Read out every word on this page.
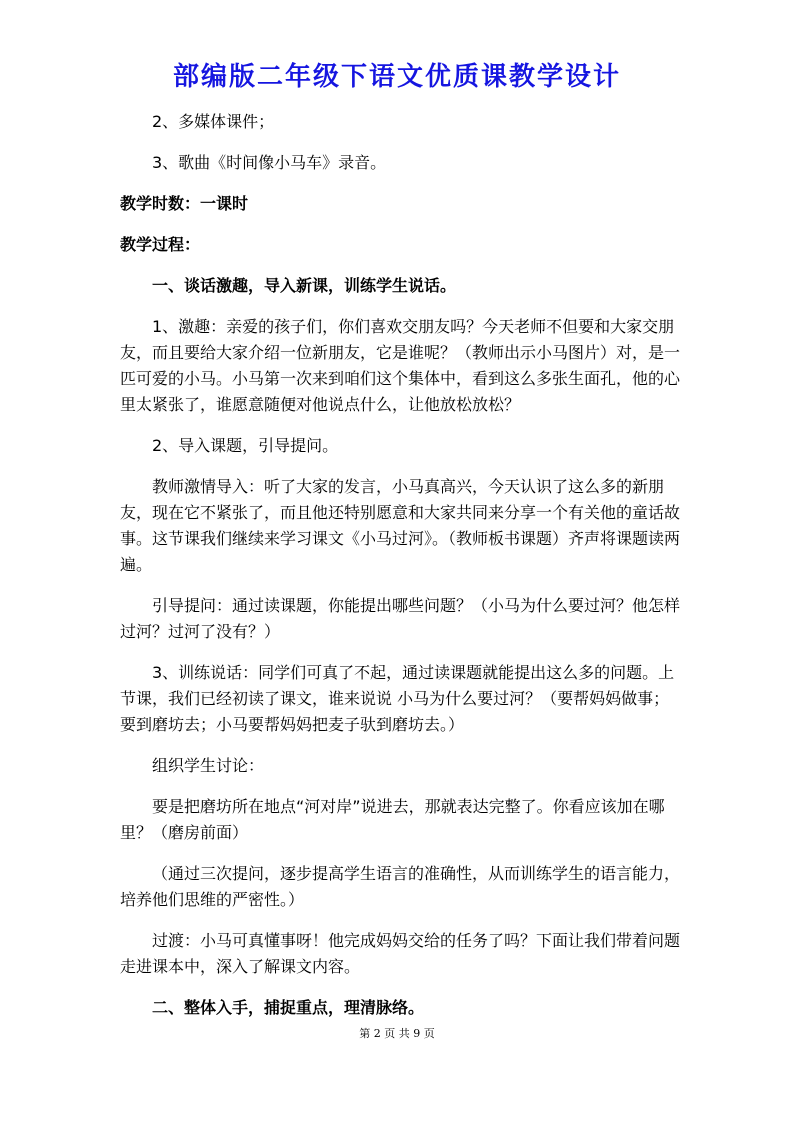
部编版二年级下语文优质课教学设计

2、多媒体课件；

3、歌曲《时间像小马车》录音。

教学时数：一课时

教学过程：

一、谈话激趣，导入新课，训练学生说话。

1、激趣：亲爱的孩子们，你们喜欢交朋友吗？今天老师不但要和大家交朋友，而且要给大家介绍一位新朋友，它是谁呢？（教师出示小马图片）对，是一匹可爱的小马。小马第一次来到咱们这个集体中，看到这么多张生面孔，他的心里太紧张了，谁愿意随便对他说点什么，让他放松放松？

2、导入课题，引导提问。

教师激情导入：听了大家的发言，小马真高兴，今天认识了这么多的新朋友，现在它不紧张了，而且他还特别愿意和大家共同来分享一个有关他的童话故事。这节课我们继续来学习课文《小马过河》。（教师板书课题）齐声将课题读两遍。

引导提问：通过读课题，你能提出哪些问题？（小马为什么要过河？他怎样过河？过河了没有？）

3、训练说话：同学们可真了不起，通过读课题就能提出这么多的问题。上节课，我们已经初读了课文，谁来说说 小马为什么要过河？（要帮妈妈做事；要到磨坊去；小马要帮妈妈把麦子驮到磨坊去。）

组织学生讨论：

要是把磨坊所在地点“河对岸”说进去，那就表达完整了。你看应该加在哪里？（磨房前面）

（通过三次提问，逐步提高学生语言的准确性，从而训练学生的语言能力，培养他们思维的严密性。）

过渡：小马可真懂事呀！他完成妈妈交给的任务了吗？下面让我们带着问题走进课本中，深入了解课文内容。

二、整体入手，捕捉重点，理清脉络。

第 2 页 共 9 页
